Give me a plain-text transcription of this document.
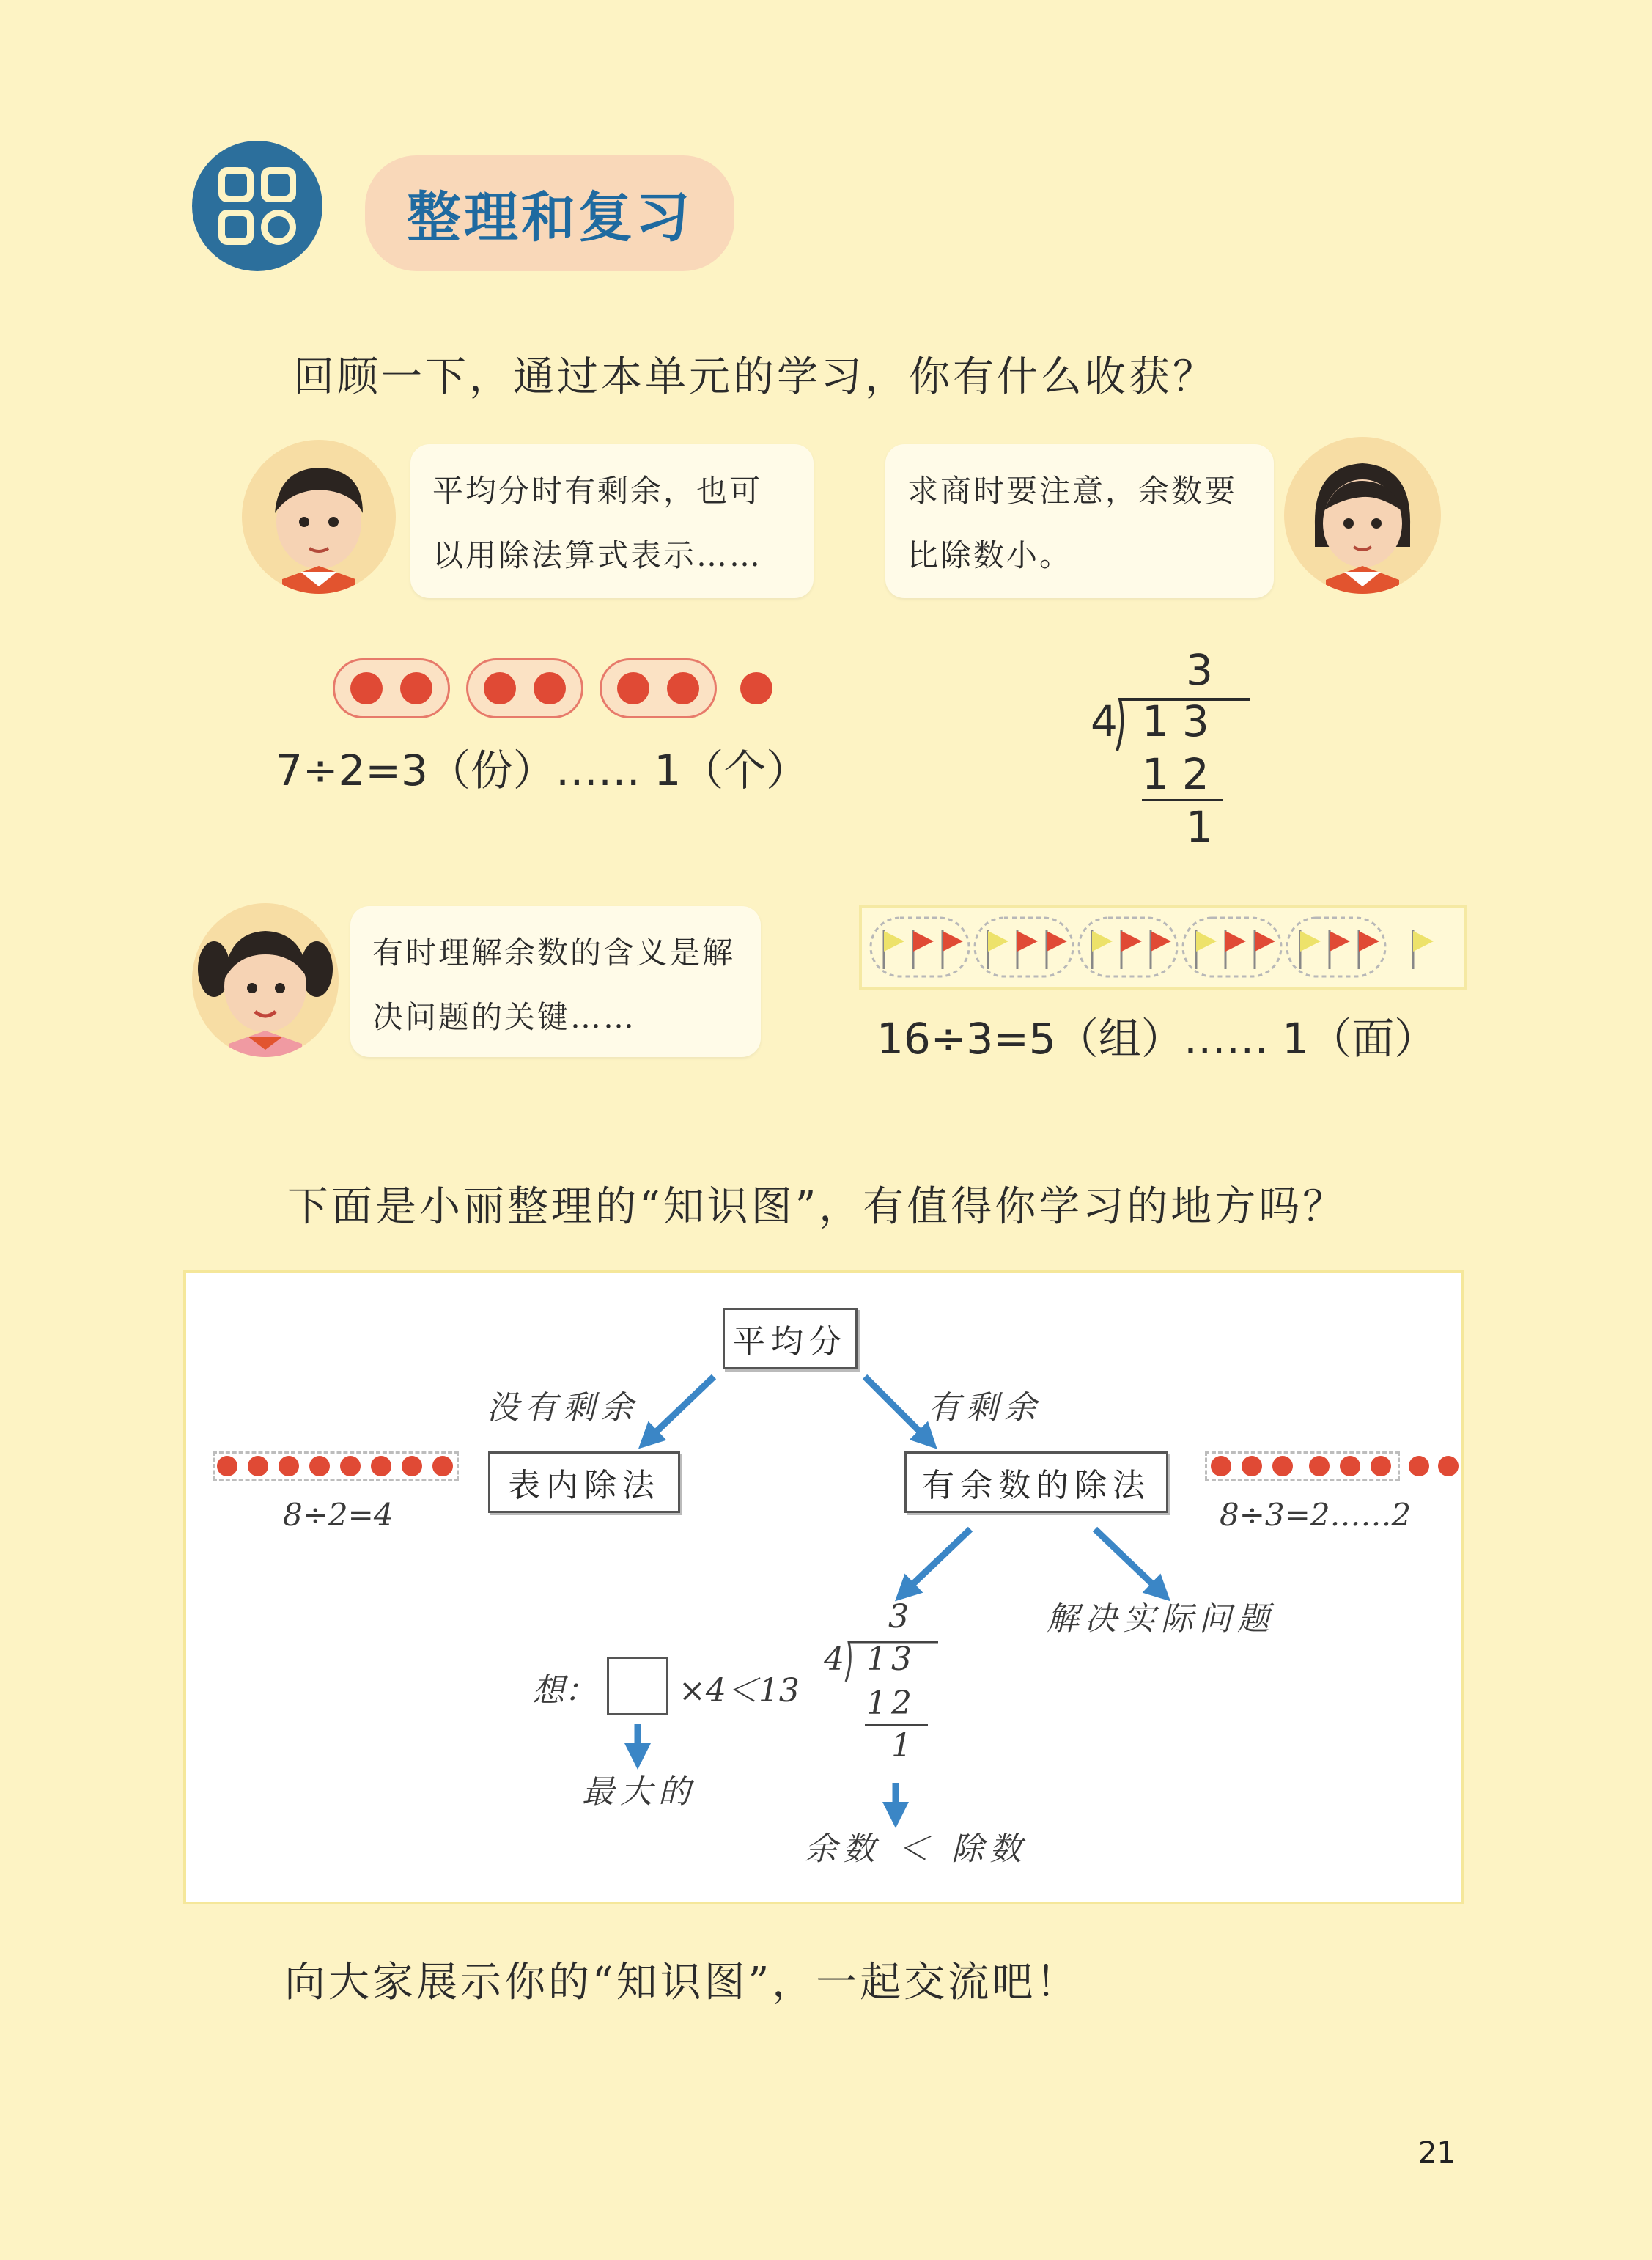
整理和复习
回顾一下，通过本单元的学习，你有什么收获？
平均分时有剩余，也可以用除法算式表示……
求商时要注意，余数要比除数小。
7÷2=3（份）…… 1（个）
3
4 13
12
1
有时理解余数的含义是解决问题的关键……	16÷3=5（组）…… 1（面）
下面是小丽整理的“知识图”，有值得你学习的地方吗？
平均分
没有剩余	有剩余
表内除法	有余数的除法
8÷2=4	8÷3=2……2
解决实际问题
想：	×4＜13
最大的
3
4 13
12
1
余数 ＜ 除数
向大家展示你的“知识图”，一起交流吧！
21
